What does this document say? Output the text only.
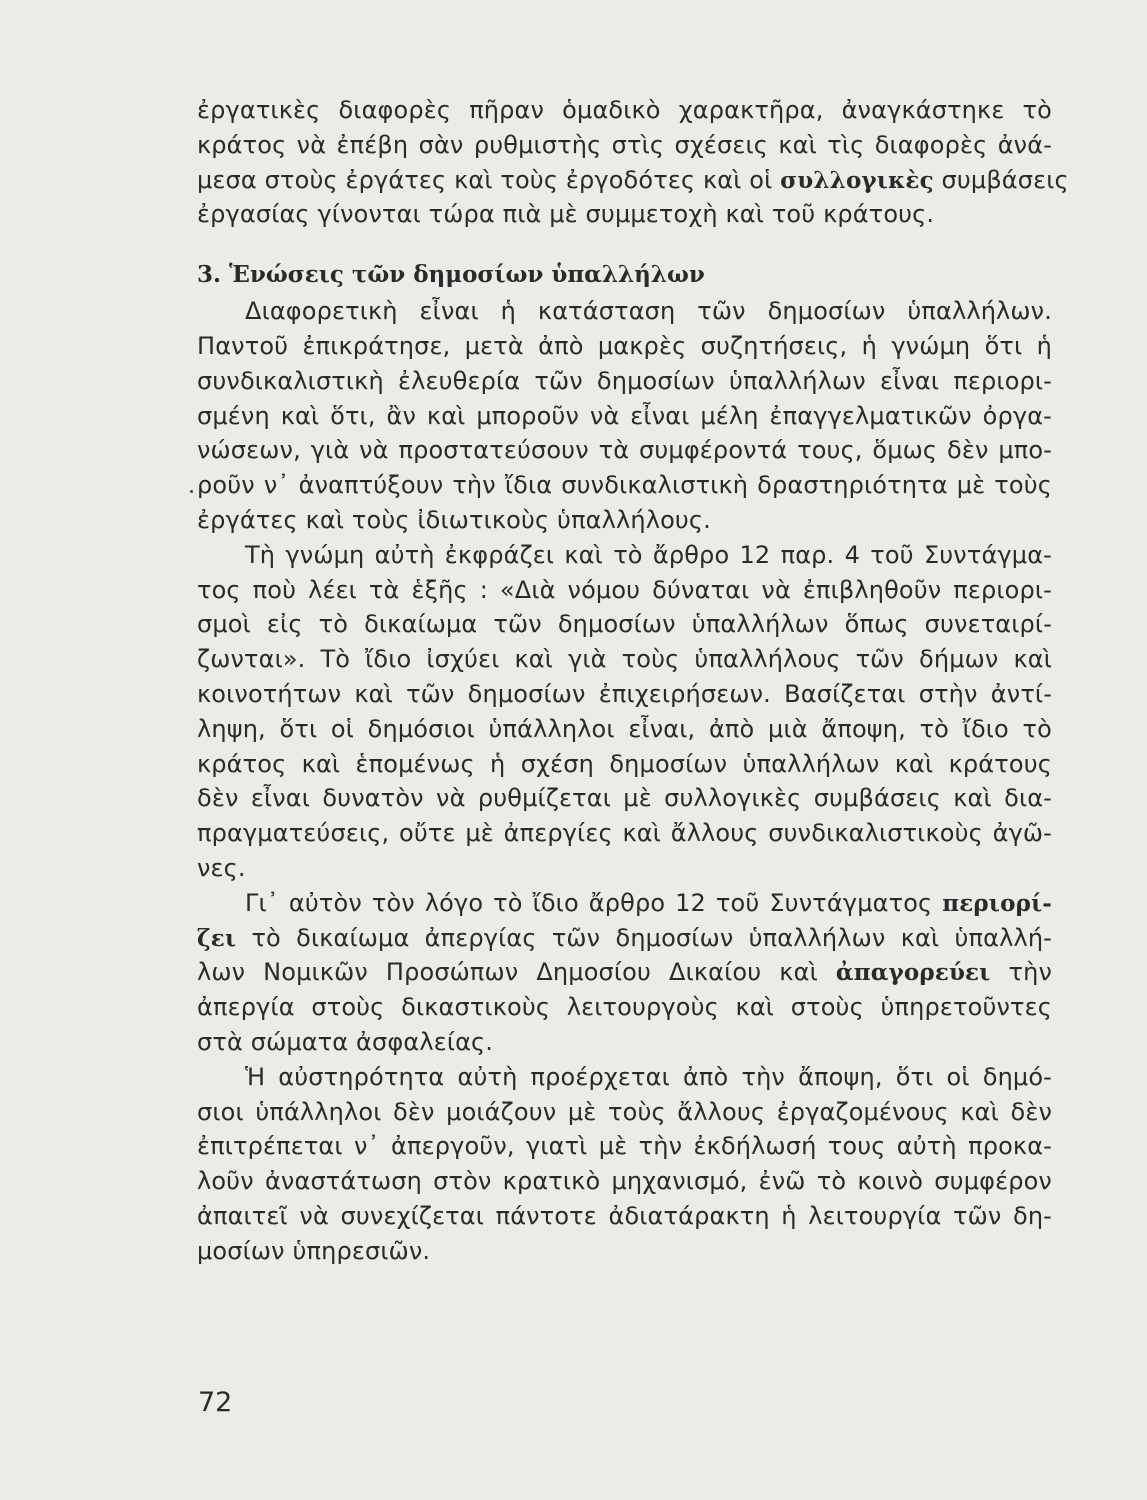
ἐργατικὲς διαφορὲς πῆραν ὁμαδικὸ χαρακτῆρα, ἀναγκάστηκε τὸ
κράτος νὰ ἐπέβη σὰν ρυθμιστὴς στὶς σχέσεις καὶ τὶς διαφορὲς ἀνά-
μεσα στοὺς ἐργάτες καὶ τοὺς ἐργοδότες καὶ οἱ συλλογικὲς συμβάσεις
ἐργασίας γίνονται τώρα πιὰ μὲ συμμετοχὴ καὶ τοῦ κράτους.
3. Ἑνώσεις τῶν δημοσίων ὑπαλλήλων
Διαφορετικὴ εἶναι ἡ κατάσταση τῶν δημοσίων ὑπαλλήλων.
Παντοῦ ἐπικράτησε, μετὰ ἀπὸ μακρὲς συζητήσεις, ἡ γνώμη ὅτι ἡ
συνδικαλιστικὴ ἐλευθερία τῶν δημοσίων ὑπαλλήλων εἶναι περιορι-
σμένη καὶ ὅτι, ἂν καὶ μποροῦν νὰ εἶναι μέλη ἐπαγγελματικῶν ὀργα-
νώσεων, γιὰ νὰ προστατεύσουν τὰ συμφέροντά τους, ὅμως δὲν μπο-
ροῦν ν᾿ ἀναπτύξουν τὴν ἴδια συνδικαλιστικὴ δραστηριότητα μὲ τοὺς
ἐργάτες καὶ τοὺς ἰδιωτικοὺς ὑπαλλήλους.
Τὴ γνώμη αὐτὴ ἐκφράζει καὶ τὸ ἄρθρο 12 παρ. 4 τοῦ Συντάγμα-
τος ποὺ λέει τὰ ἑξῆς : «Διὰ νόμου δύναται νὰ ἐπιβληθοῦν περιορι-
σμοὶ εἰς τὸ δικαίωμα τῶν δημοσίων ὑπαλλήλων ὅπως συνεταιρί-
ζωνται». Τὸ ἴδιο ἰσχύει καὶ γιὰ τοὺς ὑπαλλήλους τῶν δήμων καὶ
κοινοτήτων καὶ τῶν δημοσίων ἐπιχειρήσεων. Βασίζεται στὴν ἀντί-
ληψη, ὅτι οἱ δημόσιοι ὑπάλληλοι εἶναι, ἀπὸ μιὰ ἄποψη, τὸ ἴδιο τὸ
κράτος καὶ ἑπομένως ἡ σχέση δημοσίων ὑπαλλήλων καὶ κράτους
δὲν εἶναι δυνατὸν νὰ ρυθμίζεται μὲ συλλογικὲς συμβάσεις καὶ δια-
πραγματεύσεις, οὔτε μὲ ἀπεργίες καὶ ἄλλους συνδικαλιστικοὺς ἀγῶ-
νες.
Γι᾿ αὐτὸν τὸν λόγο τὸ ἴδιο ἄρθρο 12 τοῦ Συντάγματος περιορί-
ζει τὸ δικαίωμα ἀπεργίας τῶν δημοσίων ὑπαλλήλων καὶ ὑπαλλή-
λων Νομικῶν Προσώπων Δημοσίου Δικαίου καὶ ἀπαγορεύει τὴν
ἀπεργία στοὺς δικαστικοὺς λειτουργοὺς καὶ στοὺς ὑπηρετοῦντες
στὰ σώματα ἀσφαλείας.
Ἡ αὐστηρότητα αὐτὴ προέρχεται ἀπὸ τὴν ἄποψη, ὅτι οἱ δημό-
σιοι ὑπάλληλοι δὲν μοιάζουν μὲ τοὺς ἄλλους ἐργαζομένους καὶ δὲν
ἐπιτρέπεται ν᾿ ἀπεργοῦν, γιατὶ μὲ τὴν ἐκδήλωσή τους αὐτὴ προκα-
λοῦν ἀναστάτωση στὸν κρατικὸ μηχανισμό, ἐνῶ τὸ κοινὸ συμφέρον
ἀπαιτεῖ νὰ συνεχίζεται πάντοτε ἀδιατάρακτη ἡ λειτουργία τῶν δη-
μοσίων ὑπηρεσιῶν.
72
